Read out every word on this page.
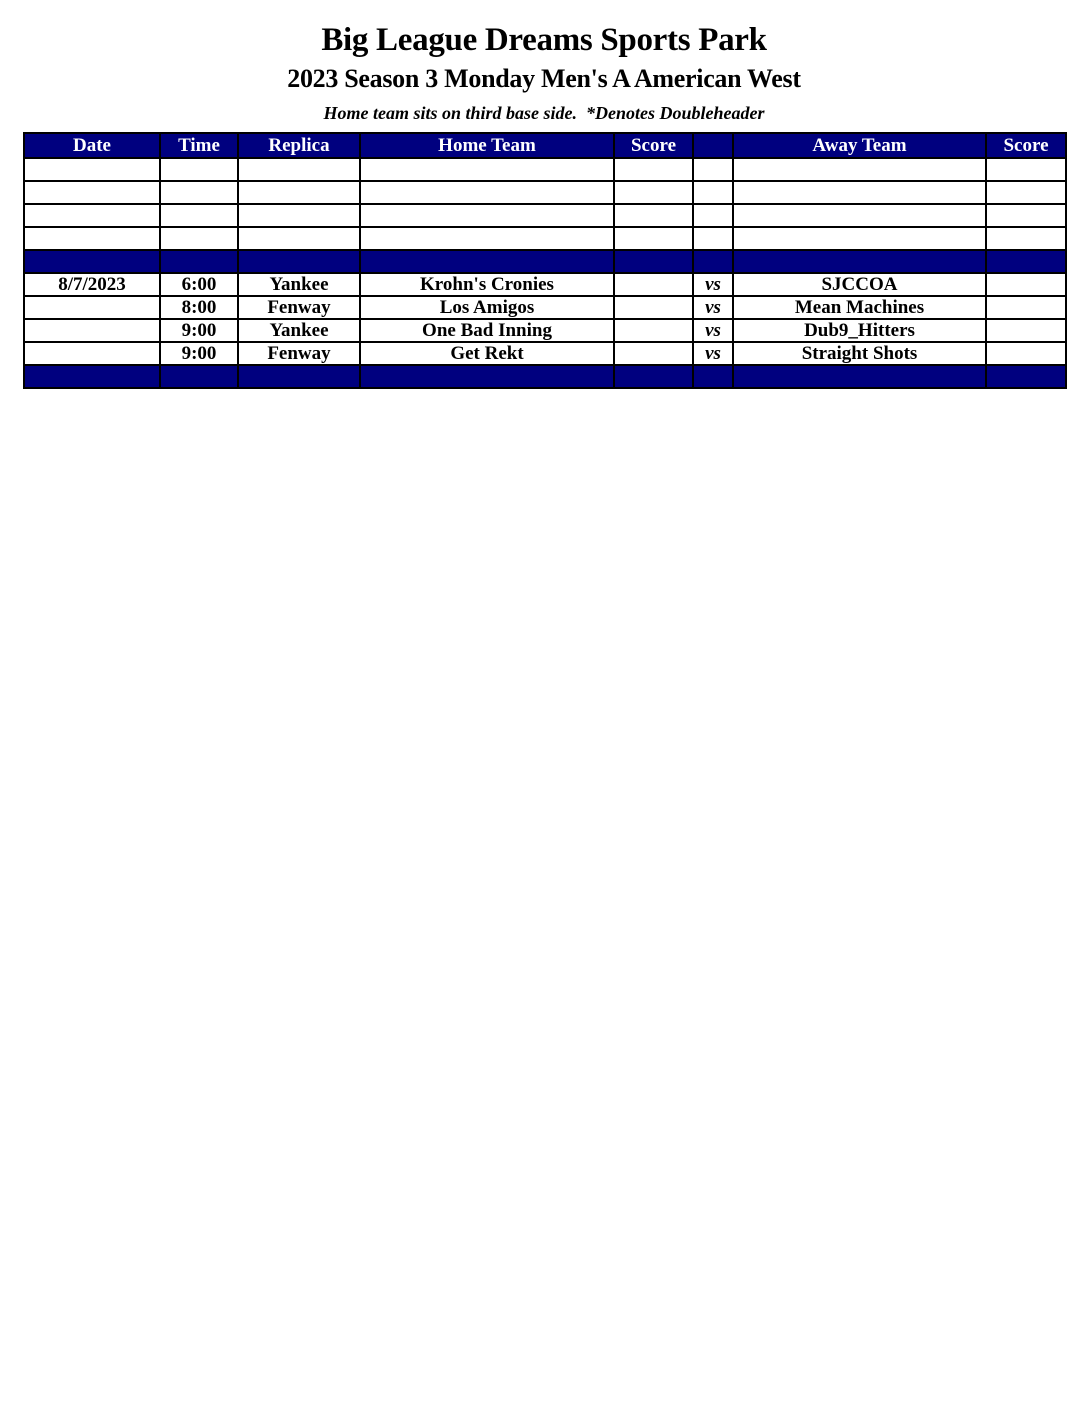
Big League Dreams Sports Park
2023 Season 3 Monday Men's A American West
Home team sits on third base side.  *Denotes Doubleheader
Date	Time	Replica	Home Team	Score		Away Team	Score

8/7/2023	6:00	Yankee	Krohn's Cronies		vs	SJCCOA	
	8:00	Fenway	Los Amigos		vs	Mean Machines	
	9:00	Yankee	One Bad Inning		vs	Dub9_Hitters	
	9:00	Fenway	Get Rekt		vs	Straight Shots	
